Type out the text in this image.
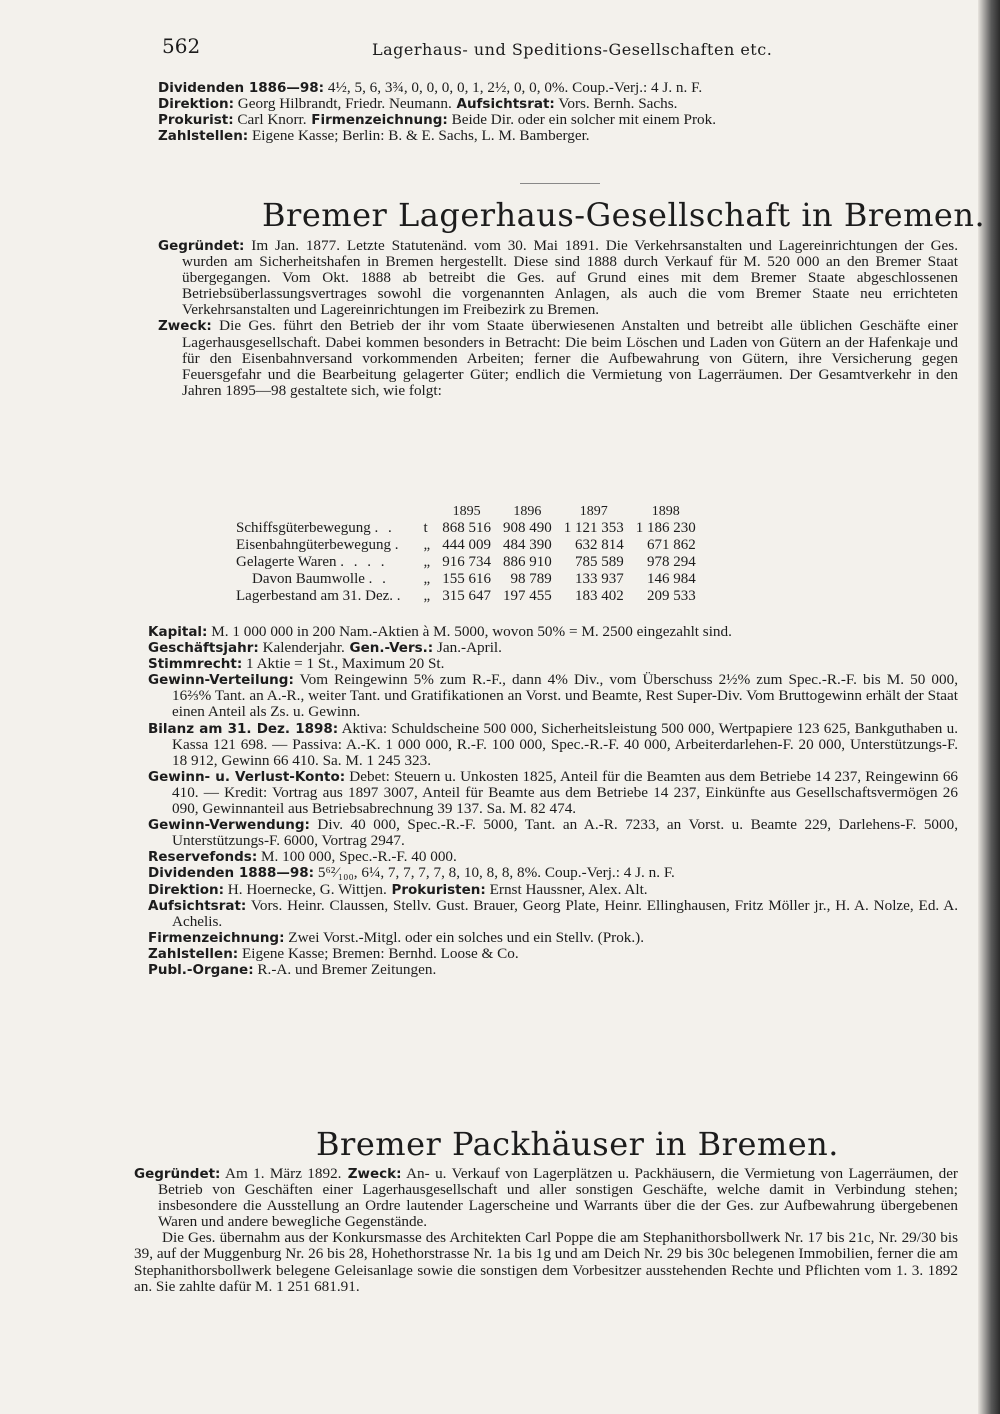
562	Lagerhaus- und Speditions-Gesellschaften etc.

Dividenden 1886—98: 4½, 5, 6, 3¾, 0, 0, 0, 0, 1, 2½, 0, 0, 0%. Coup.-Verj.: 4 J. n. F.

Direktion: Georg Hilbrandt, Friedr. Neumann. Aufsichtsrat: Vors. Bernh. Sachs.

Prokurist: Carl Knorr. Firmenzeichnung: Beide Dir. oder ein solcher mit einem Prok.

Zahlstellen: Eigene Kasse; Berlin: B. & E. Sachs, L. M. Bamberger.

Bremer Lagerhaus-Gesellschaft in Bremen.

Gegründet: Im Jan. 1877. Letzte Statutenänd. vom 30. Mai 1891. Die Verkehrsanstalten und Lagereinrichtungen der Ges. wurden am Sicherheitshafen in Bremen hergestellt. Diese sind 1888 durch Verkauf für M. 520 000 an den Bremer Staat übergegangen. Vom Okt. 1888 ab betreibt die Ges. auf Grund eines mit dem Bremer Staate abgeschlossenen Betriebsüberlassungsvertrages sowohl die vorgenannten Anlagen, als auch die vom Bremer Staate neu errichteten Verkehrsanstalten und Lagereinrichtungen im Freibezirk zu Bremen.

Zweck: Die Ges. führt den Betrieb der ihr vom Staate überwiesenen Anstalten und betreibt alle üblichen Geschäfte einer Lagerhausgesellschaft. Dabei kommen besonders in Betracht: Die beim Löschen und Laden von Gütern an der Hafenkaje und für den Eisenbahnversand vorkommenden Arbeiten; ferner die Aufbewahrung von Gütern, ihre Versicherung gegen Feuersgefahr und die Bearbeitung gelagerter Güter; endlich die Vermietung von Lagerräumen. Der Gesamtverkehr in den Jahren 1895—98 gestaltete sich, wie folgt:

		1895	1896	1897	1898
Schiffsgüterbewegung . .	t	868 516	908 490	1 121 353	1 186 230
Eisenbahngüterbewegung .	„	444 009	484 390	632 814	671 862
Gelagerte Waren . . . .	„	916 734	886 910	785 589	978 294
Davon Baumwolle . .	„	155 616	98 789	133 937	146 984
Lagerbestand am 31. Dez. .	„	315 647	197 455	183 402	209 533

Kapital: M. 1 000 000 in 200 Nam.-Aktien à M. 5000, wovon 50% = M. 2500 eingezahlt sind.

Geschäftsjahr: Kalenderjahr. Gen.-Vers.: Jan.-April.

Stimmrecht: 1 Aktie = 1 St., Maximum 20 St.

Gewinn-Verteilung: Vom Reingewinn 5% zum R.-F., dann 4% Div., vom Überschuss 2½% zum Spec.-R.-F. bis M. 50 000, 16⅔% Tant. an A.-R., weiter Tant. und Gratifikationen an Vorst. und Beamte, Rest Super-Div. Vom Bruttogewinn erhält der Staat einen Anteil als Zs. u. Gewinn.

Bilanz am 31. Dez. 1898: Aktiva: Schuldscheine 500 000, Sicherheitsleistung 500 000, Wertpapiere 123 625, Bankguthaben u. Kassa 121 698. — Passiva: A.-K. 1 000 000, R.-F. 100 000, Spec.-R.-F. 40 000, Arbeiterdarlehen-F. 20 000, Unterstützungs-F. 18 912, Gewinn 66 410. Sa. M. 1 245 323.

Gewinn- u. Verlust-Konto: Debet: Steuern u. Unkosten 1825, Anteil für die Beamten aus dem Betriebe 14 237, Reingewinn 66 410. — Kredit: Vortrag aus 1897 3007, Anteil für Beamte aus dem Betriebe 14 237, Einkünfte aus Gesellschaftsvermögen 26 090, Gewinnanteil aus Betriebsabrechnung 39 137. Sa. M. 82 474.

Gewinn-Verwendung: Div. 40 000, Spec.-R.-F. 5000, Tant. an A.-R. 7233, an Vorst. u. Beamte 229, Darlehens-F. 5000, Unterstützungs-F. 6000, Vortrag 2947.

Reservefonds: M. 100 000, Spec.-R.-F. 40 000.

Dividenden 1888—98: 5⁶²⁄₁₀₀, 6¼, 7, 7, 7, 7, 8, 10, 8, 8, 8%. Coup.-Verj.: 4 J. n. F.

Direktion: H. Hoernecke, G. Wittjen. Prokuristen: Ernst Haussner, Alex. Alt.

Aufsichtsrat: Vors. Heinr. Claussen, Stellv. Gust. Brauer, Georg Plate, Heinr. Ellinghausen, Fritz Möller jr., H. A. Nolze, Ed. A. Achelis.

Firmenzeichnung: Zwei Vorst.-Mitgl. oder ein solches und ein Stellv. (Prok.).

Zahlstellen: Eigene Kasse; Bremen: Bernhd. Loose & Co.

Publ.-Organe: R.-A. und Bremer Zeitungen.

Bremer Packhäuser in Bremen.

Gegründet: Am 1. März 1892. Zweck: An- u. Verkauf von Lagerplätzen u. Packhäusern, die Vermietung von Lagerräumen, der Betrieb von Geschäften einer Lagerhausgesellschaft und aller sonstigen Geschäfte, welche damit in Verbindung stehen; insbesondere die Ausstellung an Ordre lautender Lagerscheine und Warrants über die der Ges. zur Aufbewahrung übergebenen Waren und andere bewegliche Gegenstände.

Die Ges. übernahm aus der Konkursmasse des Architekten Carl Poppe die am Stephanithorsbollwerk Nr. 17 bis 21c, Nr. 29/30 bis 39, auf der Muggenburg Nr. 26 bis 28, Hohethorstrasse Nr. 1a bis 1g und am Deich Nr. 29 bis 30c belegenen Immobilien, ferner die am Stephanithorsbollwerk belegene Geleisanlage sowie die sonstigen dem Vorbesitzer ausstehenden Rechte und Pflichten vom 1. 3. 1892 an. Sie zahlte dafür M. 1 251 681.91.
